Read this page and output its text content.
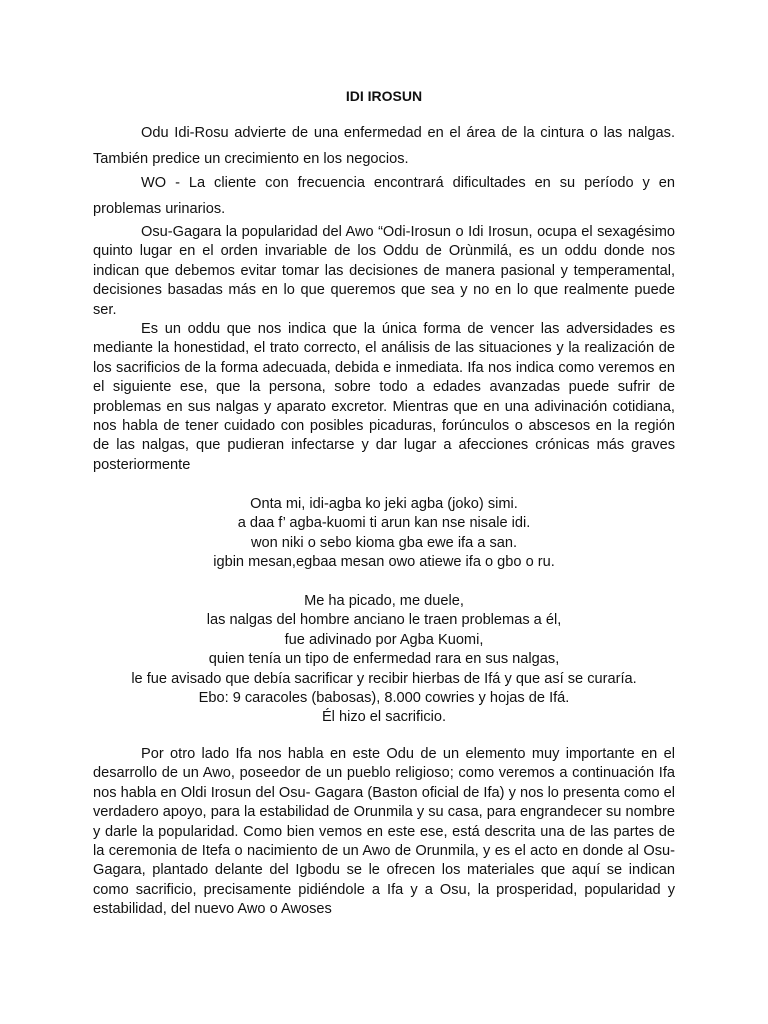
IDI IROSUN

Odu Idi-Rosu advierte de una enfermedad en el área de la cintura o las nalgas. También predice un crecimiento en los negocios.

WO - La cliente con frecuencia encontrará dificultades en su período y en problemas urinarios.

Osu-Gagara la popularidad del Awo “Odi-Irosun o Idi Irosun, ocupa el sexagésimo quinto lugar en el orden invariable de los Oddu de Orùnmilá, es un oddu donde nos indican que debemos evitar tomar las decisiones de manera pasional y temperamental, decisiones basadas más en lo que queremos que sea y no en lo que realmente puede ser.

Es un oddu que nos indica que la única forma de vencer las adversidades es mediante la honestidad, el trato correcto, el análisis de las situaciones y la realización de los sacrificios de la forma adecuada, debida e inmediata. Ifa nos indica como veremos en el siguiente ese, que la persona, sobre todo a edades avanzadas puede sufrir de problemas en sus nalgas y aparato excretor. Mientras que en una adivinación cotidiana, nos habla de tener cuidado con posibles picaduras, forúnculos o abscesos en la región de las nalgas, que pudieran infectarse y dar lugar a afecciones crónicas más graves posteriormente

Onta mi, idi-agba ko jeki agba (joko) simi.
a daa f’ agba-kuomi ti arun kan nse nisale idi.
won niki o sebo kioma gba ewe ifa a san.
igbin mesan,egbaa mesan owo atiewe ifa o gbo o ru.
Me ha picado, me duele,
las nalgas del hombre anciano le traen problemas a él,
fue adivinado por Agba Kuomi,
quien tenía un tipo de enfermedad rara en sus nalgas,
le fue avisado que debía sacrificar y recibir hierbas de Ifá y que así se curaría.
Ebo: 9 caracoles (babosas), 8.000 cowries y hojas de Ifá.
Él hizo el sacrificio.

Por otro lado Ifa nos habla en este Odu de un elemento muy importante en el desarrollo de un Awo, poseedor de un pueblo religioso; como veremos a continuación Ifa nos habla en Oldi Irosun del Osu- Gagara (Baston oficial de Ifa) y nos lo presenta como el verdadero apoyo, para la estabilidad de Orunmila y su casa, para engrandecer su nombre y darle la popularidad. Como bien vemos en este ese, está descrita una de las partes de la ceremonia de Itefa o nacimiento de un Awo de Orunmila, y es el acto en donde al Osu- Gagara, plantado delante del Igbodu se le ofrecen los materiales que aquí se indican como sacrificio, precisamente pidiéndole a Ifa y a Osu, la prosperidad, popularidad y estabilidad, del nuevo Awo o Awoses
